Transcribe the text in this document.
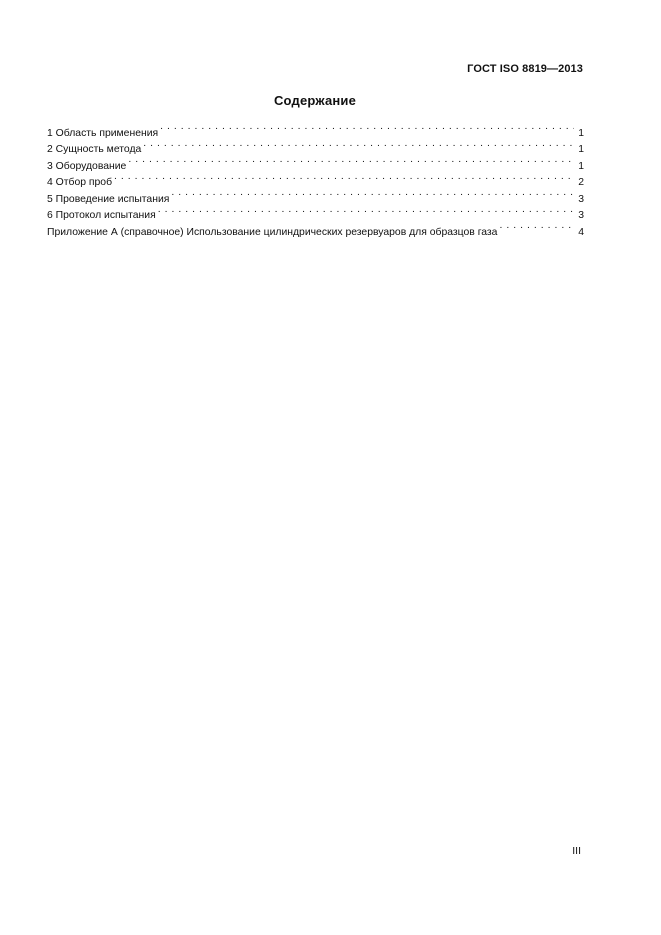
ГОСТ ISO 8819—2013
Содержание
1 Область применения . . .	1
2 Сущность метода . . .	1
3 Оборудование . . .	1
4 Отбор проб . . .	2
5 Проведение испытания . . .	3
6 Протокол испытания . . .	3
Приложение А (справочное) Использование цилиндрических резервуаров для образцов газа . . .	4
III
